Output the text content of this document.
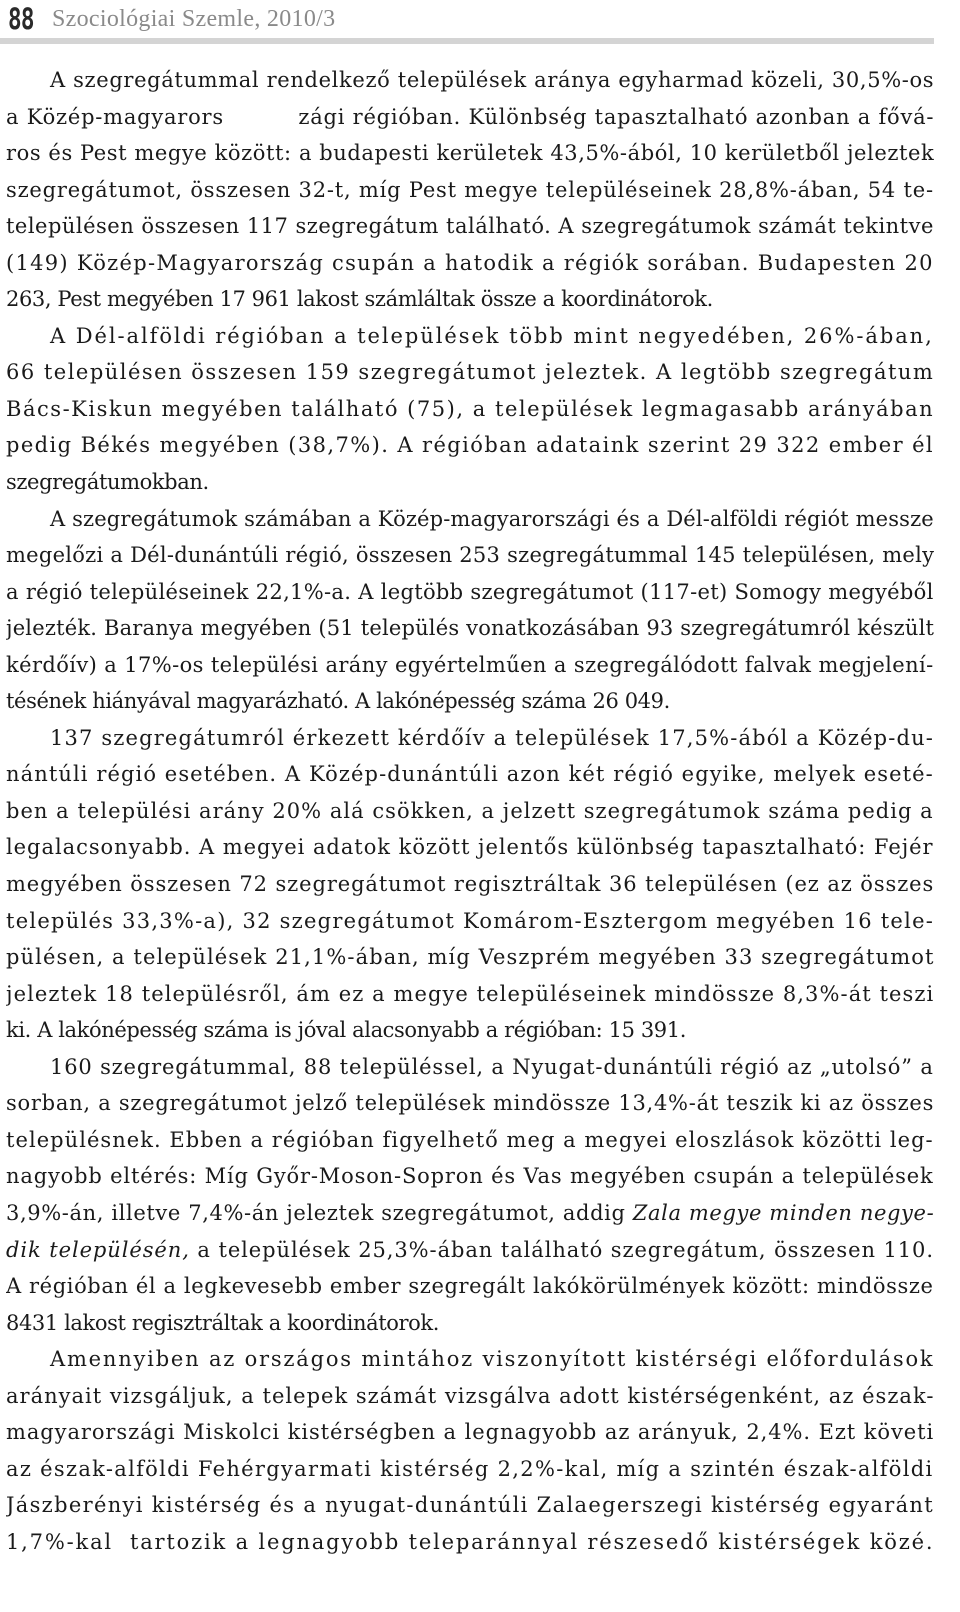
88 Szociológiai Szemle, 2010/3
A szegregátummal rendelkező települések aránya egyharmad közeli, 30,5%-os
a Közép-magyarors          zági régióban. Különbség tapasztalható azonban a fővá-
ros és Pest megye között: a budapesti kerületek 43,5%-ából, 10 kerületből jeleztek
szegregátumot, összesen 32-t, míg Pest megye településeinek 28,8%-ában, 54 te-
településen összesen 117 szegregátum található. A szegregátumok számát tekintve
(149) Közép-Magyarország csupán a hatodik a régiók sorában. Budapesten 20
263, Pest megyében 17 961 lakost számláltak össze a koordinátorok.
A Dél-alföldi régióban a települések több mint negyedében, 26%-ában,
66 településen összesen 159 szegregátumot jeleztek. A legtöbb szegregátum
Bács-Kiskun megyében található (75), a települések legmagasabb arányában
pedig Békés megyében (38,7%). A régióban adataink szerint 29 322 ember él
szegregátumokban.
A szegregátumok számában a Közép-magyarországi és a Dél-alföldi régiót messze
megelőzi a Dél-dunántúli régió, összesen 253 szegregátummal 145 településen, mely
a régió településeinek 22,1%-a. A legtöbb szegregátumot (117-et) Somogy megyéből
jelezték. Baranya megyében (51 település vonatkozásában 93 szegregátumról készült
kérdőív) a 17%-os települési arány egyértelműen a szegregálódott falvak megjelení-
tésének hiányával magyarázható. A lakónépesség száma 26 049.
137 szegregátumról érkezett kérdőív a települések 17,5%-ából a Közép-du-
nántúli régió esetében. A Közép-dunántúli azon két régió egyike, melyek eseté-
ben a települési arány 20% alá csökken, a jelzett szegregátumok száma pedig a
legalacsonyabb. A megyei adatok között jelentős különbség tapasztalható: Fejér
megyében összesen 72 szegregátumot regisztráltak 36 településen (ez az összes
település 33,3%-a), 32 szegregátumot Komárom-Esztergom megyében 16 tele-
pülésen, a települések 21,1%-ában, míg Veszprém megyében 33 szegregátumot
jeleztek 18 településről, ám ez a megye településeinek mindössze 8,3%-át teszi
ki. A lakónépesség száma is jóval alacsonyabb a régióban: 15 391.
160 szegregátummal, 88 településsel, a Nyugat-dunántúli régió az „utolsó” a
sorban, a szegregátumot jelző települések mindössze 13,4%-át teszik ki az összes
településnek. Ebben a régióban figyelhető meg a megyei eloszlások közötti leg-
nagyobb eltérés: Míg Győr-Moson-Sopron és Vas megyében csupán a települések
3,9%-án, illetve 7,4%-án jeleztek szegregátumot, addig Zala megye minden negye-
dik településén, a települések 25,3%-ában található szegregátum, összesen 110.
A régióban él a legkevesebb ember szegregált lakókörülmények között: mindössze
8431 lakost regisztráltak a koordinátorok.
Amennyiben az országos mintához viszonyított kistérségi előfordulások
arányait vizsgáljuk, a telepek számát vizsgálva adott kistérségenként, az észak-
magyarországi Miskolci kistérségben a legnagyobb az arányuk, 2,4%. Ezt követi
az észak-alföldi Fehérgyarmati kistérség 2,2%-kal, míg a szintén észak-alföldi
Jászberényi kistérség és a nyugat-dunántúli Zalaegerszegi kistérség egyaránt
1,7%-kal  tartozik a legnagyobb teleparánnyal részesedő kistérségek közé.
